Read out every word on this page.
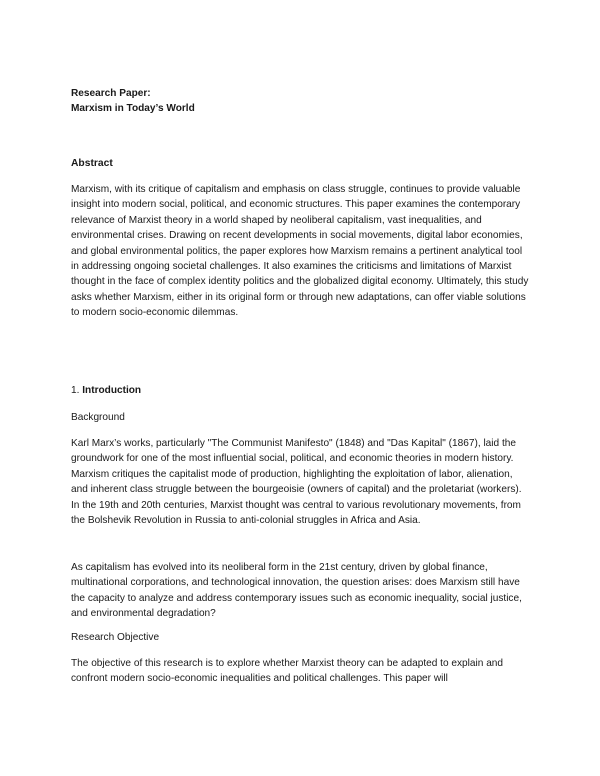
Research Paper:
Marxism in Today’s World
Abstract

Marxism, with its critique of capitalism and emphasis on class struggle, continues to provide valuable insight into modern social, political, and economic structures. This paper examines the contemporary relevance of Marxist theory in a world shaped by neoliberal capitalism, vast inequalities, and environmental crises. Drawing on recent developments in social movements, digital labor economies, and global environmental politics, the paper explores how Marxism remains a pertinent analytical tool in addressing ongoing societal challenges. It also examines the criticisms and limitations of Marxist thought in the face of complex identity politics and the globalized digital economy. Ultimately, this study asks whether Marxism, either in its original form or through new adaptations, can offer viable solutions to modern socio-economic dilemmas.

1. Introduction
Background

Karl Marx’s works, particularly "The Communist Manifesto" (1848) and "Das Kapital" (1867), laid the groundwork for one of the most influential social, political, and economic theories in modern history. Marxism critiques the capitalist mode of production, highlighting the exploitation of labor, alienation, and inherent class struggle between the bourgeoisie (owners of capital) and the proletariat (workers). In the 19th and 20th centuries, Marxist thought was central to various revolutionary movements, from the Bolshevik Revolution in Russia to anti-colonial struggles in Africa and Asia.

As capitalism has evolved into its neoliberal form in the 21st century, driven by global finance, multinational corporations, and technological innovation, the question arises: does Marxism still have the capacity to analyze and address contemporary issues such as economic inequality, social justice, and environmental degradation?

Research Objective

The objective of this research is to explore whether Marxist theory can be adapted to explain and confront modern socio-economic inequalities and political challenges. This paper will
